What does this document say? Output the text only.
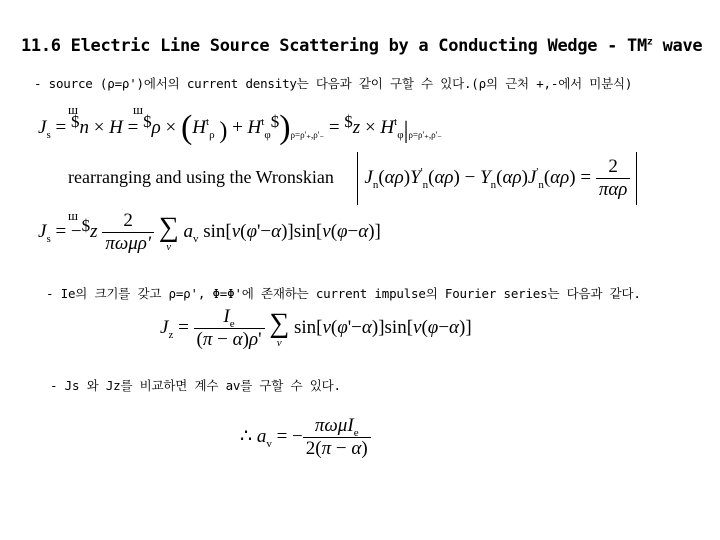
11.6 Electric Line Source Scattering by a Conducting Wedge - $TM^z$ wave
- source (ρ=ρ')에서의 current density는 다음과 같이 구할 수 있다.(ρ의 근처 +,-에서 미분식)
$J_s$ = $n × H = $ρ × ($H^t_\rho$ ) + $H^t_\varphi\$)_{\rho=\rho'_+,\rho'_-}$ = $z × $H^t_\varphi|_{\rho=\rho'_+,\rho'_-}$
ш	ш
rearranging and using the Wronskian $J_n(\alpha\rho)Y'_n(\alpha\rho) - Y_n(\alpha\rho)J'_n(\alpha\rho) = \frac{2}{\text{παρ}}$
$J_s$ = −$z $\frac{2}{\text{πωμρ'}}$
∑
v
$a_v$ sin[v(φ'−α)]sin[v(φ−α)]
ш
- Ie의 크기를 갖고 ρ=ρ', Φ=Φ'에 존재하는 current impulse의 Fourier series는 다음과 같다.
$J_z = \frac{I_e}{(\pi - \alpha)\rho'}$
∑
v
sin[v(φ'−α)]sin[v(φ−α)]
- Js 와 Jz를 비교하면 계수 av를 구할 수 있다.
∴ $a_v$ = − $\frac{\pi\omega\mu I_e}{2(\pi - \alpha)}$
